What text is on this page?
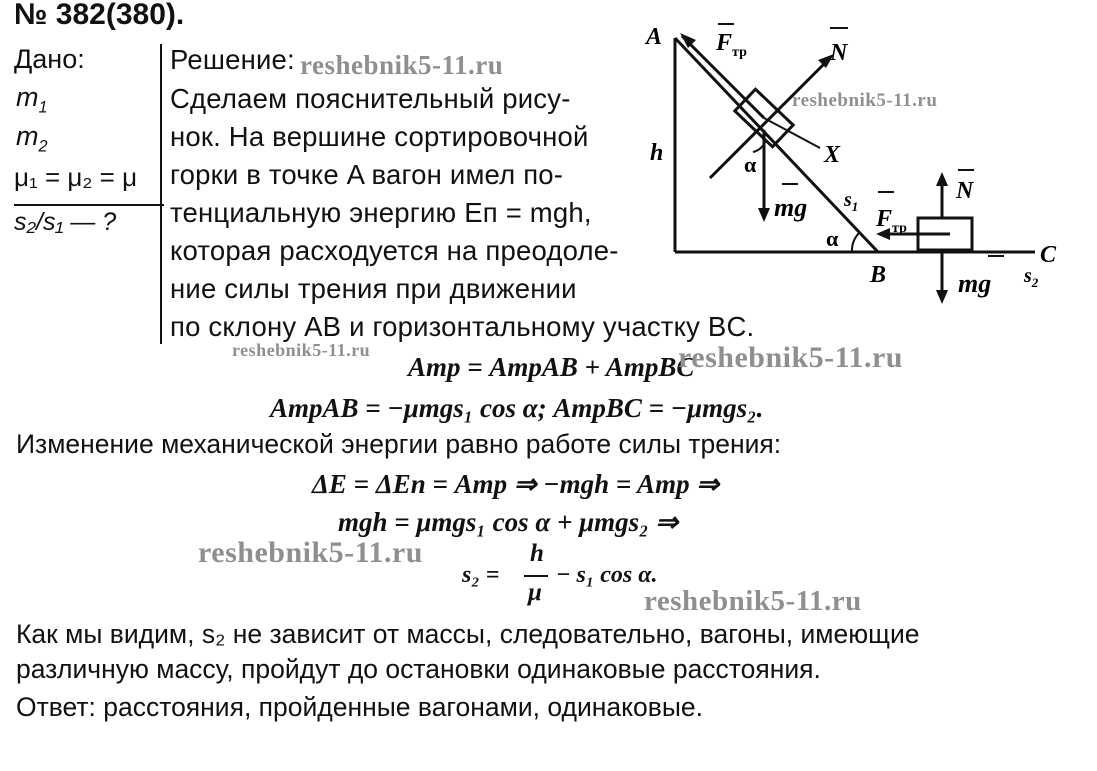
№ 382(380).
Дано:
$m_1$
$m_2$
μ₁ = μ₂ = μ
s₂/s₁ — ?
Решение:
Сделаем пояснительный рису-
нок. На вершине сортировочной
горки в точке A вагон имел по-
тенциальную энергию Eп = mgh,
которая расходуется на преодоле-
ние силы трения при движении
по склону AB и горизонтальному участку BC.
A
B
C
h	α
α
$F_{тр}$	N
X
mg $s_1$ $F_{тр}$
N
mg $s_2$
Aтр = AтрAB + AтрBC
AтрAB = −μmgs₁ cos α; AтрBC = −μmgs₂.
Изменение механической энергии равно работе силы трения:
ΔE = ΔEп = Aтр ⇒ −mgh = Aтр ⇒
mgh = μmgs₁ cos α + μmgs₂ ⇒
s₂ =
h
μ
− s₁ cos α.
Как мы видим, s₂ не зависит от массы, следовательно, вагоны, имеющие
различную массу, пройдут до остановки одинаковые расстояния.
Ответ: расстояния, пройденные вагонами, одинаковые.
reshebnik5-11.ru
reshebnik5-11.ru
reshebnik5-11.ru	reshebnik5-11.ru
reshebnik5-11.ru
reshebnik5-11.ru
